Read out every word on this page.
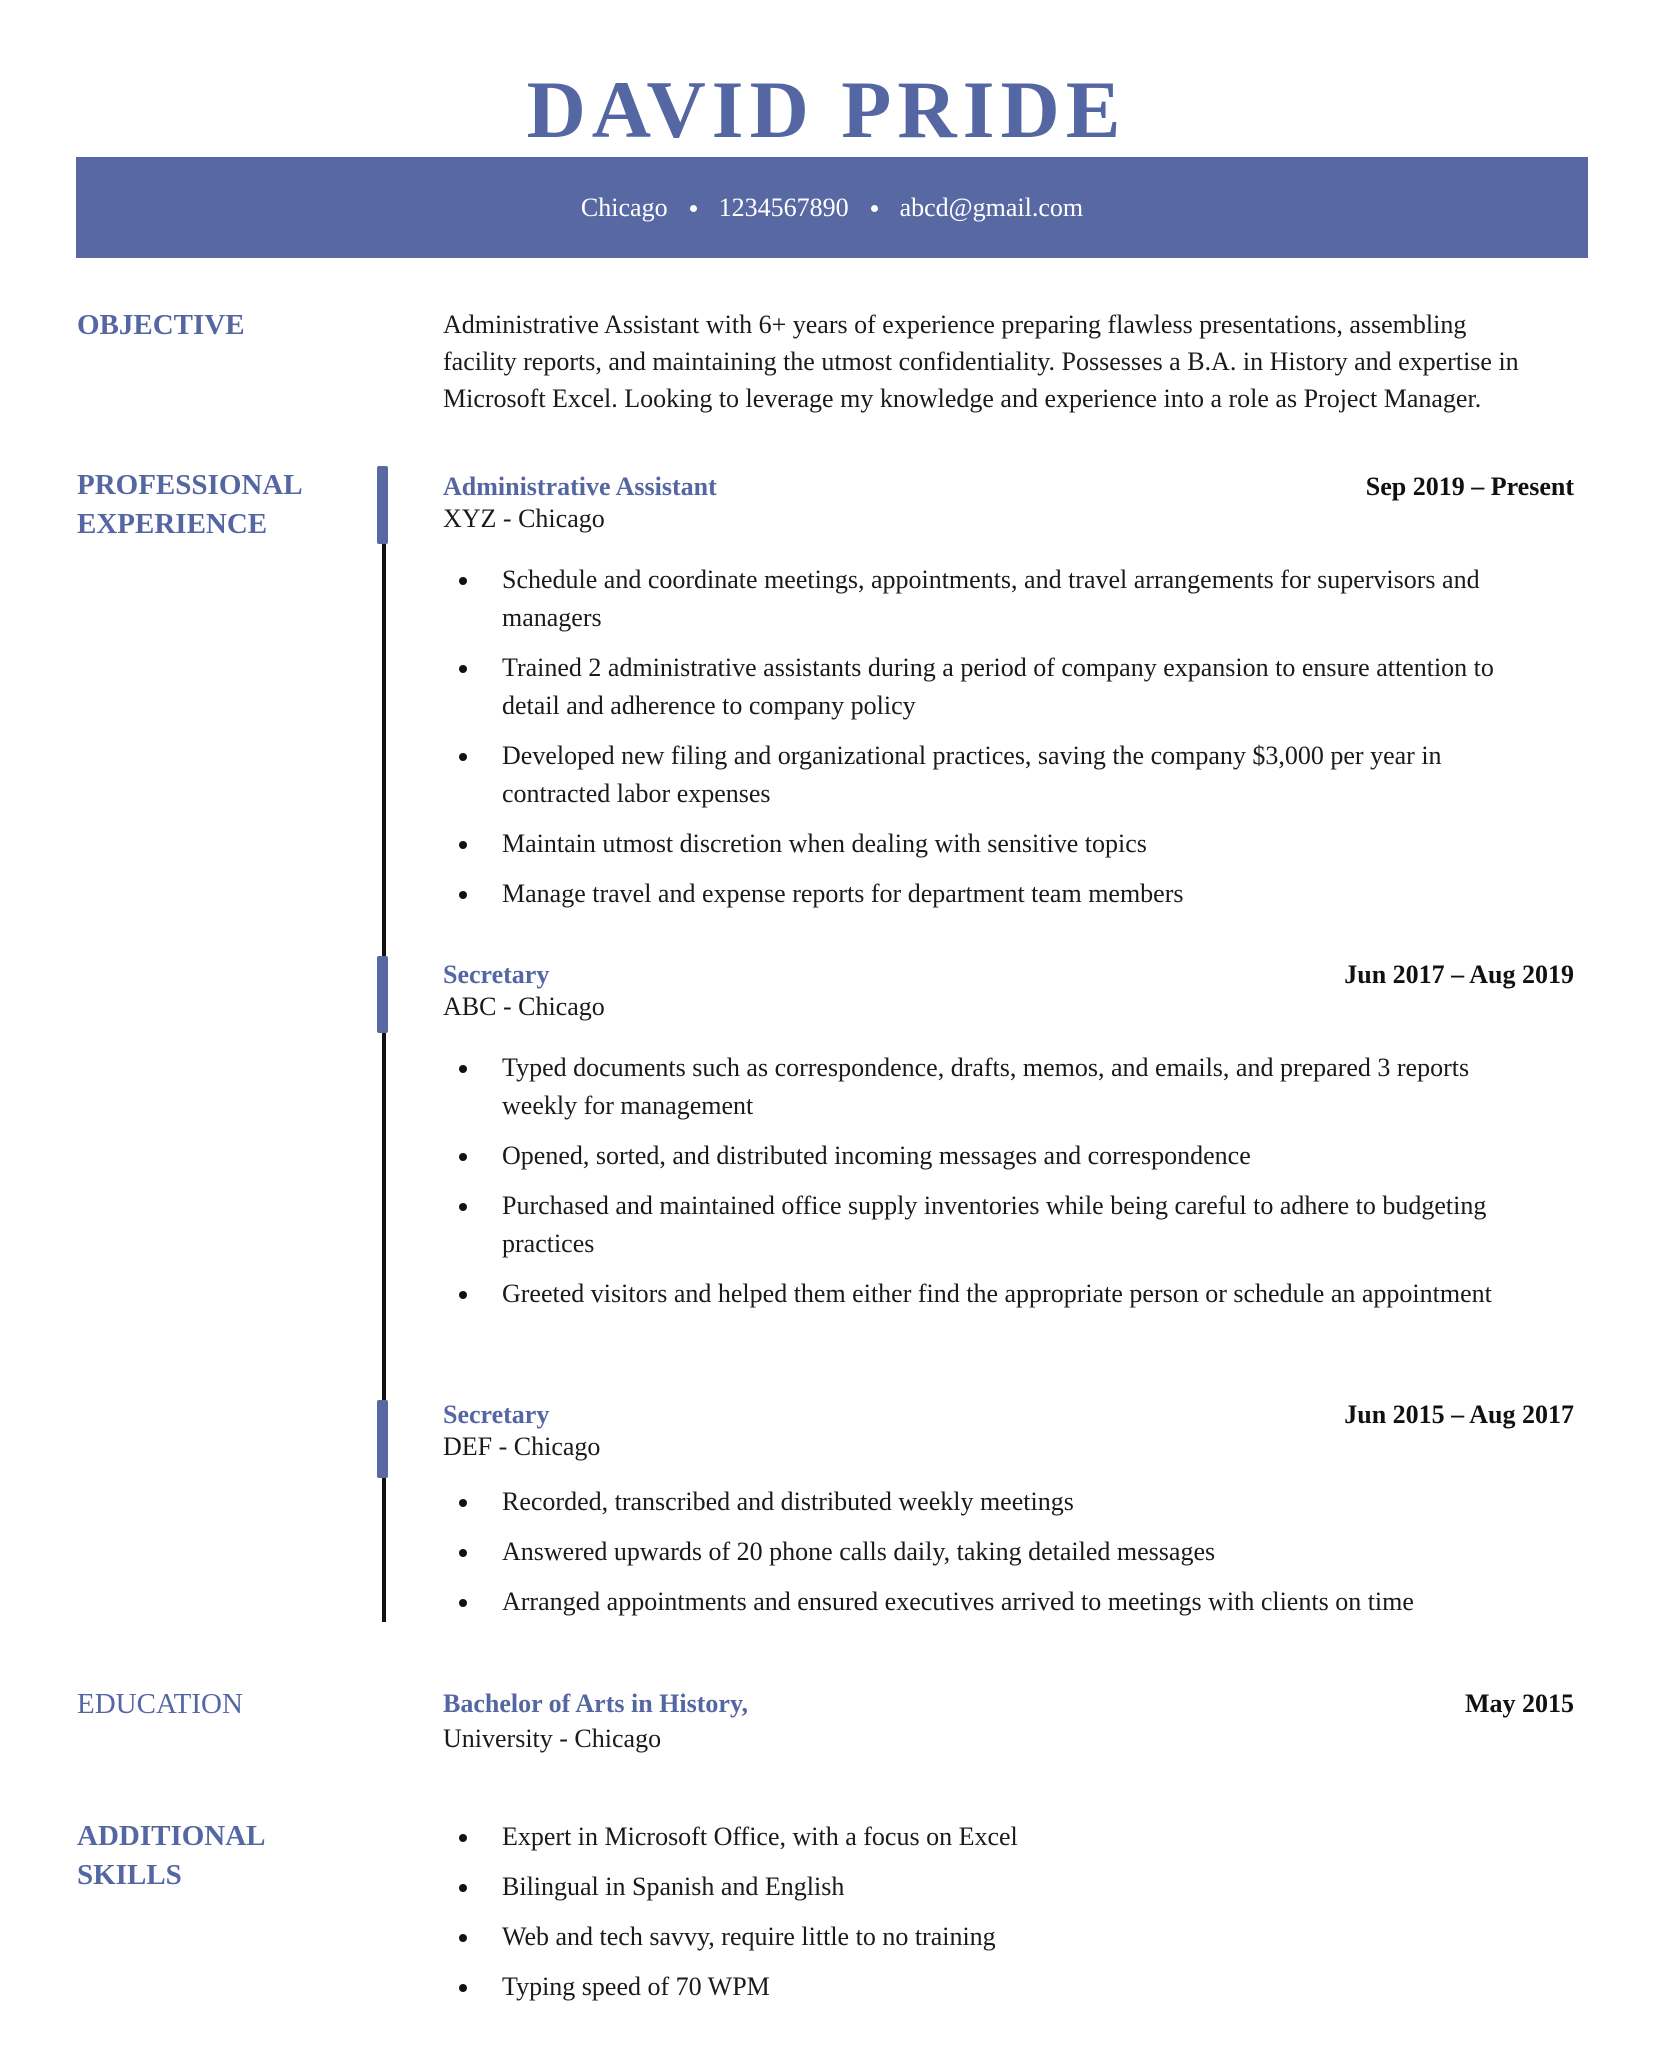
DAVID PRIDE
Chicago 1234567890 abcd@gmail.com
OBJECTIVE	Administrative Assistant with 6+ years of experience preparing flawless presentations, assembling
facility reports, and maintaining the utmost confidentiality. Possesses a B.A. in History and expertise in
Microsoft Excel. Looking to leverage my knowledge and experience into a role as Project Manager.
PROFESSIONAL
EXPERIENCE
Administrative Assistant	Sep 2019 – Present
XYZ - Chicago
Schedule and coordinate meetings, appointments, and travel arrangements for supervisors and managers
Trained 2 administrative assistants during a period of company expansion to ensure attention to detail and adherence to company policy
Developed new filing and organizational practices, saving the company $3,000 per year in contracted labor expenses
Maintain utmost discretion when dealing with sensitive topics
Manage travel and expense reports for department team members
Secretary	Jun 2017 – Aug 2019
ABC - Chicago
Typed documents such as correspondence, drafts, memos, and emails, and prepared 3 reports weekly for management
Opened, sorted, and distributed incoming messages and correspondence
Purchased and maintained office supply inventories while being careful to adhere to budgeting practices
Greeted visitors and helped them either find the appropriate person or schedule an appointment
Secretary	Jun 2015 – Aug 2017
DEF - Chicago
Recorded, transcribed and distributed weekly meetings
Answered upwards of 20 phone calls daily, taking detailed messages
Arranged appointments and ensured executives arrived to meetings with clients on time
EDUCATION	Bachelor of Arts in History,	May 2015
University - Chicago
ADDITIONAL
SKILLS
Expert in Microsoft Office, with a focus on Excel
Bilingual in Spanish and English
Web and tech savvy, require little to no training
Typing speed of 70 WPM
